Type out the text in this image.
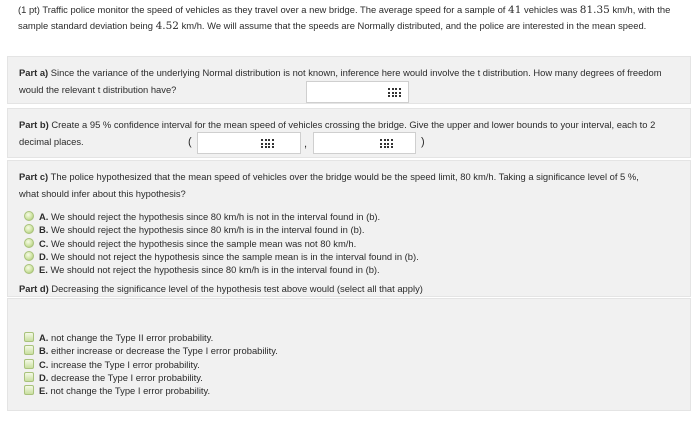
(1 pt) Traffic police monitor the speed of vehicles as they travel over a new bridge. The average speed for a sample of 41 vehicles was 81.35 km/h, with the sample standard deviation being 4.52 km/h. We will assume that the speeds are Normally distributed, and the police are interested in the mean speed.
Part a) Since the variance of the underlying Normal distribution is not known, inference here would involve the t distribution. How many degrees of freedom would the relevant t distribution have?
Part b) Create a 95 % confidence interval for the mean speed of vehicles crossing the bridge. Give the upper and lower bounds to your interval, each to 2 decimal places.	(	,	)
Part c) The police hypothesized that the mean speed of vehicles over the bridge would be the speed limit, 80 km/h. Taking a significance level of 5 %, what should infer about this hypothesis?
A. We should reject the hypothesis since 80 km/h is not in the interval found in (b).
B. We should reject the hypothesis since 80 km/h is in the interval found in (b).
C. We should reject the hypothesis since the sample mean was not 80 km/h.
D. We should not reject the hypothesis since the sample mean is in the interval found in (b).
E. We should not reject the hypothesis since 80 km/h is in the interval found in (b).
Part d) Decreasing the significance level of the hypothesis test above would (select all that apply)
A. not change the Type II error probability.
B. either increase or decrease the Type I error probability.
C. increase the Type I error probability.
D. decrease the Type I error probability.
E. not change the Type I error probability.
